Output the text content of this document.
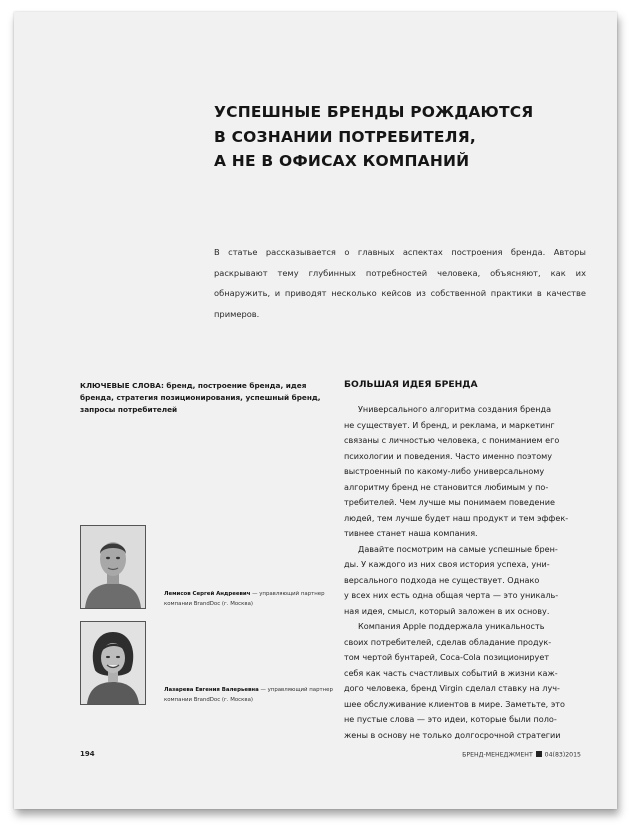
УСПЕШНЫЕ БРЕНДЫ РОЖДАЮТСЯ
В СОЗНАНИИ ПОТРЕБИТЕЛЯ,
А НЕ В ОФИСАХ КОМПАНИЙ

В статье рассказывается о главных аспектах построения бренда. Авторы раскрывают тему глубинных потребностей человека, объясняют, как их обнаружить, и приводят несколько кейсов из собственной практики в качестве примеров.

КЛЮЧЕВЫЕ СЛОВА: бренд, построение бренда, идея бренда, стратегия позиционирования, успешный бренд, запросы потребителей

Лемисов Сергей Андреевич — управляющий партнер компании BrandDoc (г. Москва)

Лазарева Евгения Валерьевна — управляющий партнер компании BrandDoc (г. Москва)

БОЛЬШАЯ ИДЕЯ БРЕНДА
Универсального алгоритма создания бренда
не существует. И бренд, и реклама, и маркетинг
связаны с личностью человека, с пониманием его
психологии и поведения. Часто именно поэтому
выстроенный по какому-либо универсальному
алгоритму бренд не становится любимым у по-
требителей. Чем лучше мы понимаем поведение
людей, тем лучше будет наш продукт и тем эффек-
тивнее станет наша компания.
Давайте посмотрим на самые успешные брен-
ды. У каждого из них своя история успеха, уни-
версального подхода не существует. Однако
у всех них есть одна общая черта — это уникаль-
ная идея, смысл, который заложен в их основу.
Компания Apple поддержала уникальность
своих потребителей, сделав обладание продук-
том чертой бунтарей, Coca-Cola позиционирует
себя как часть счастливых событий в жизни каж-
дого человека, бренд Virgin сделал ставку на луч-
шее обслуживание клиентов в мире. Заметьте, это
не пустые слова — это идеи, которые были поло-
жены в основу не только долгосрочной стратегии

194	БРЕНД-МЕНЕДЖМЕНТ 04(83)2015
